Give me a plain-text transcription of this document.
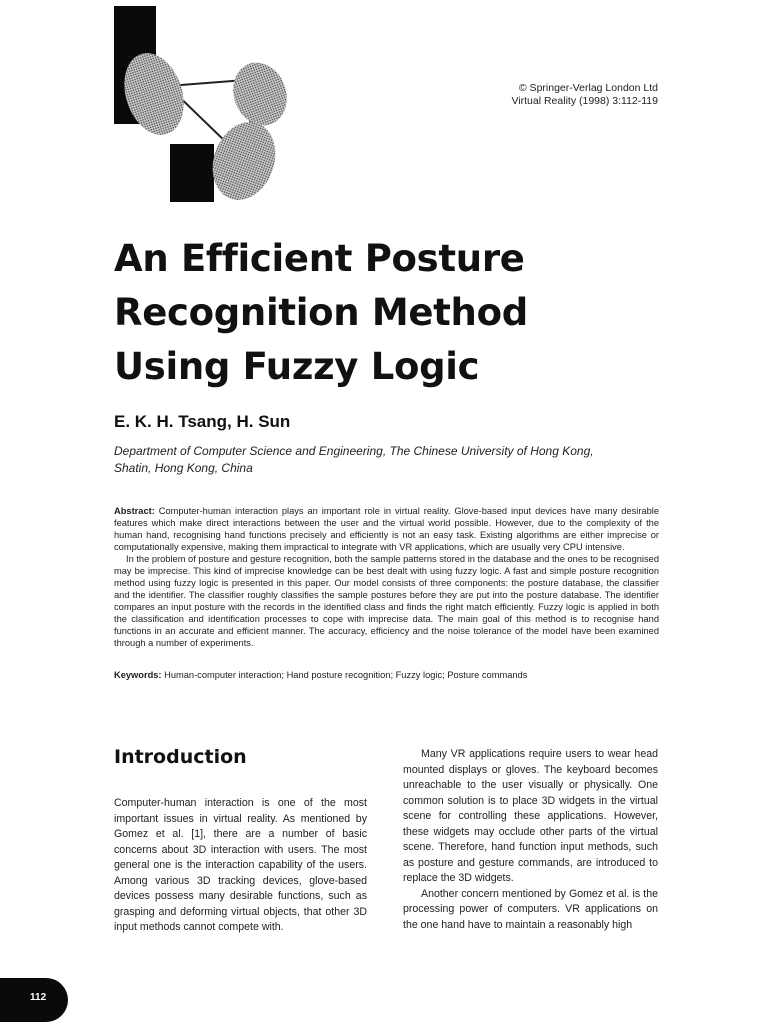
© Springer-Verlag London Ltd
Virtual Reality (1998) 3:112-119
An Efficient Posture
Recognition Method
Using Fuzzy Logic
E. K. H. Tsang, H. Sun
Department of Computer Science and Engineering, The Chinese University of Hong Kong,
Shatin, Hong Kong, China

Abstract: Computer-human interaction plays an important role in virtual reality. Glove-based input devices have many desirable features which make direct interactions between the user and the virtual world possible. However, due to the complexity of the human hand, recognising hand functions precisely and efficiently is not an easy task. Existing algorithms are either imprecise or computationally expensive, making them impractical to integrate with VR applications, which are usually very CPU intensive.

In the problem of posture and gesture recognition, both the sample patterns stored in the database and the ones to be recognised may be imprecise. This kind of imprecise knowledge can be best dealt with using fuzzy logic. A fast and simple posture recognition method using fuzzy logic is presented in this paper. Our model consists of three components: the posture database, the classifier and the identifier. The classifier roughly classifies the sample postures before they are put into the posture database. The identifier compares an input posture with the records in the identified class and finds the right match efficiently. Fuzzy logic is applied in both the classification and identification processes to cope with imprecise data. The main goal of this method is to recognise hand functions in an accurate and efficient manner. The accuracy, efficiency and the noise tolerance of the model have been examined through a number of experiments.

Keywords: Human-computer interaction; Hand posture recognition; Fuzzy logic; Posture commands
Introduction

Computer-human interaction is one of the most important issues in virtual reality. As mentioned by Gomez et al. [1], there are a number of basic concerns about 3D interaction with users. The most general one is the interaction capability of the users. Among various 3D tracking devices, glove-based devices possess many desirable functions, such as grasping and deforming virtual objects, that other 3D input methods cannot compete with.

Many VR applications require users to wear head mounted displays or gloves. The keyboard becomes unreachable to the user visually or physically. One common solution is to place 3D widgets in the virtual scene for controlling these applications. However, these widgets may occlude other parts of the virtual scene. Therefore, hand function input methods, such as posture and gesture commands, are introduced to replace the 3D widgets.

Another concern mentioned by Gomez et al. is the processing power of computers. VR applications on the one hand have to maintain a reasonably high

112
